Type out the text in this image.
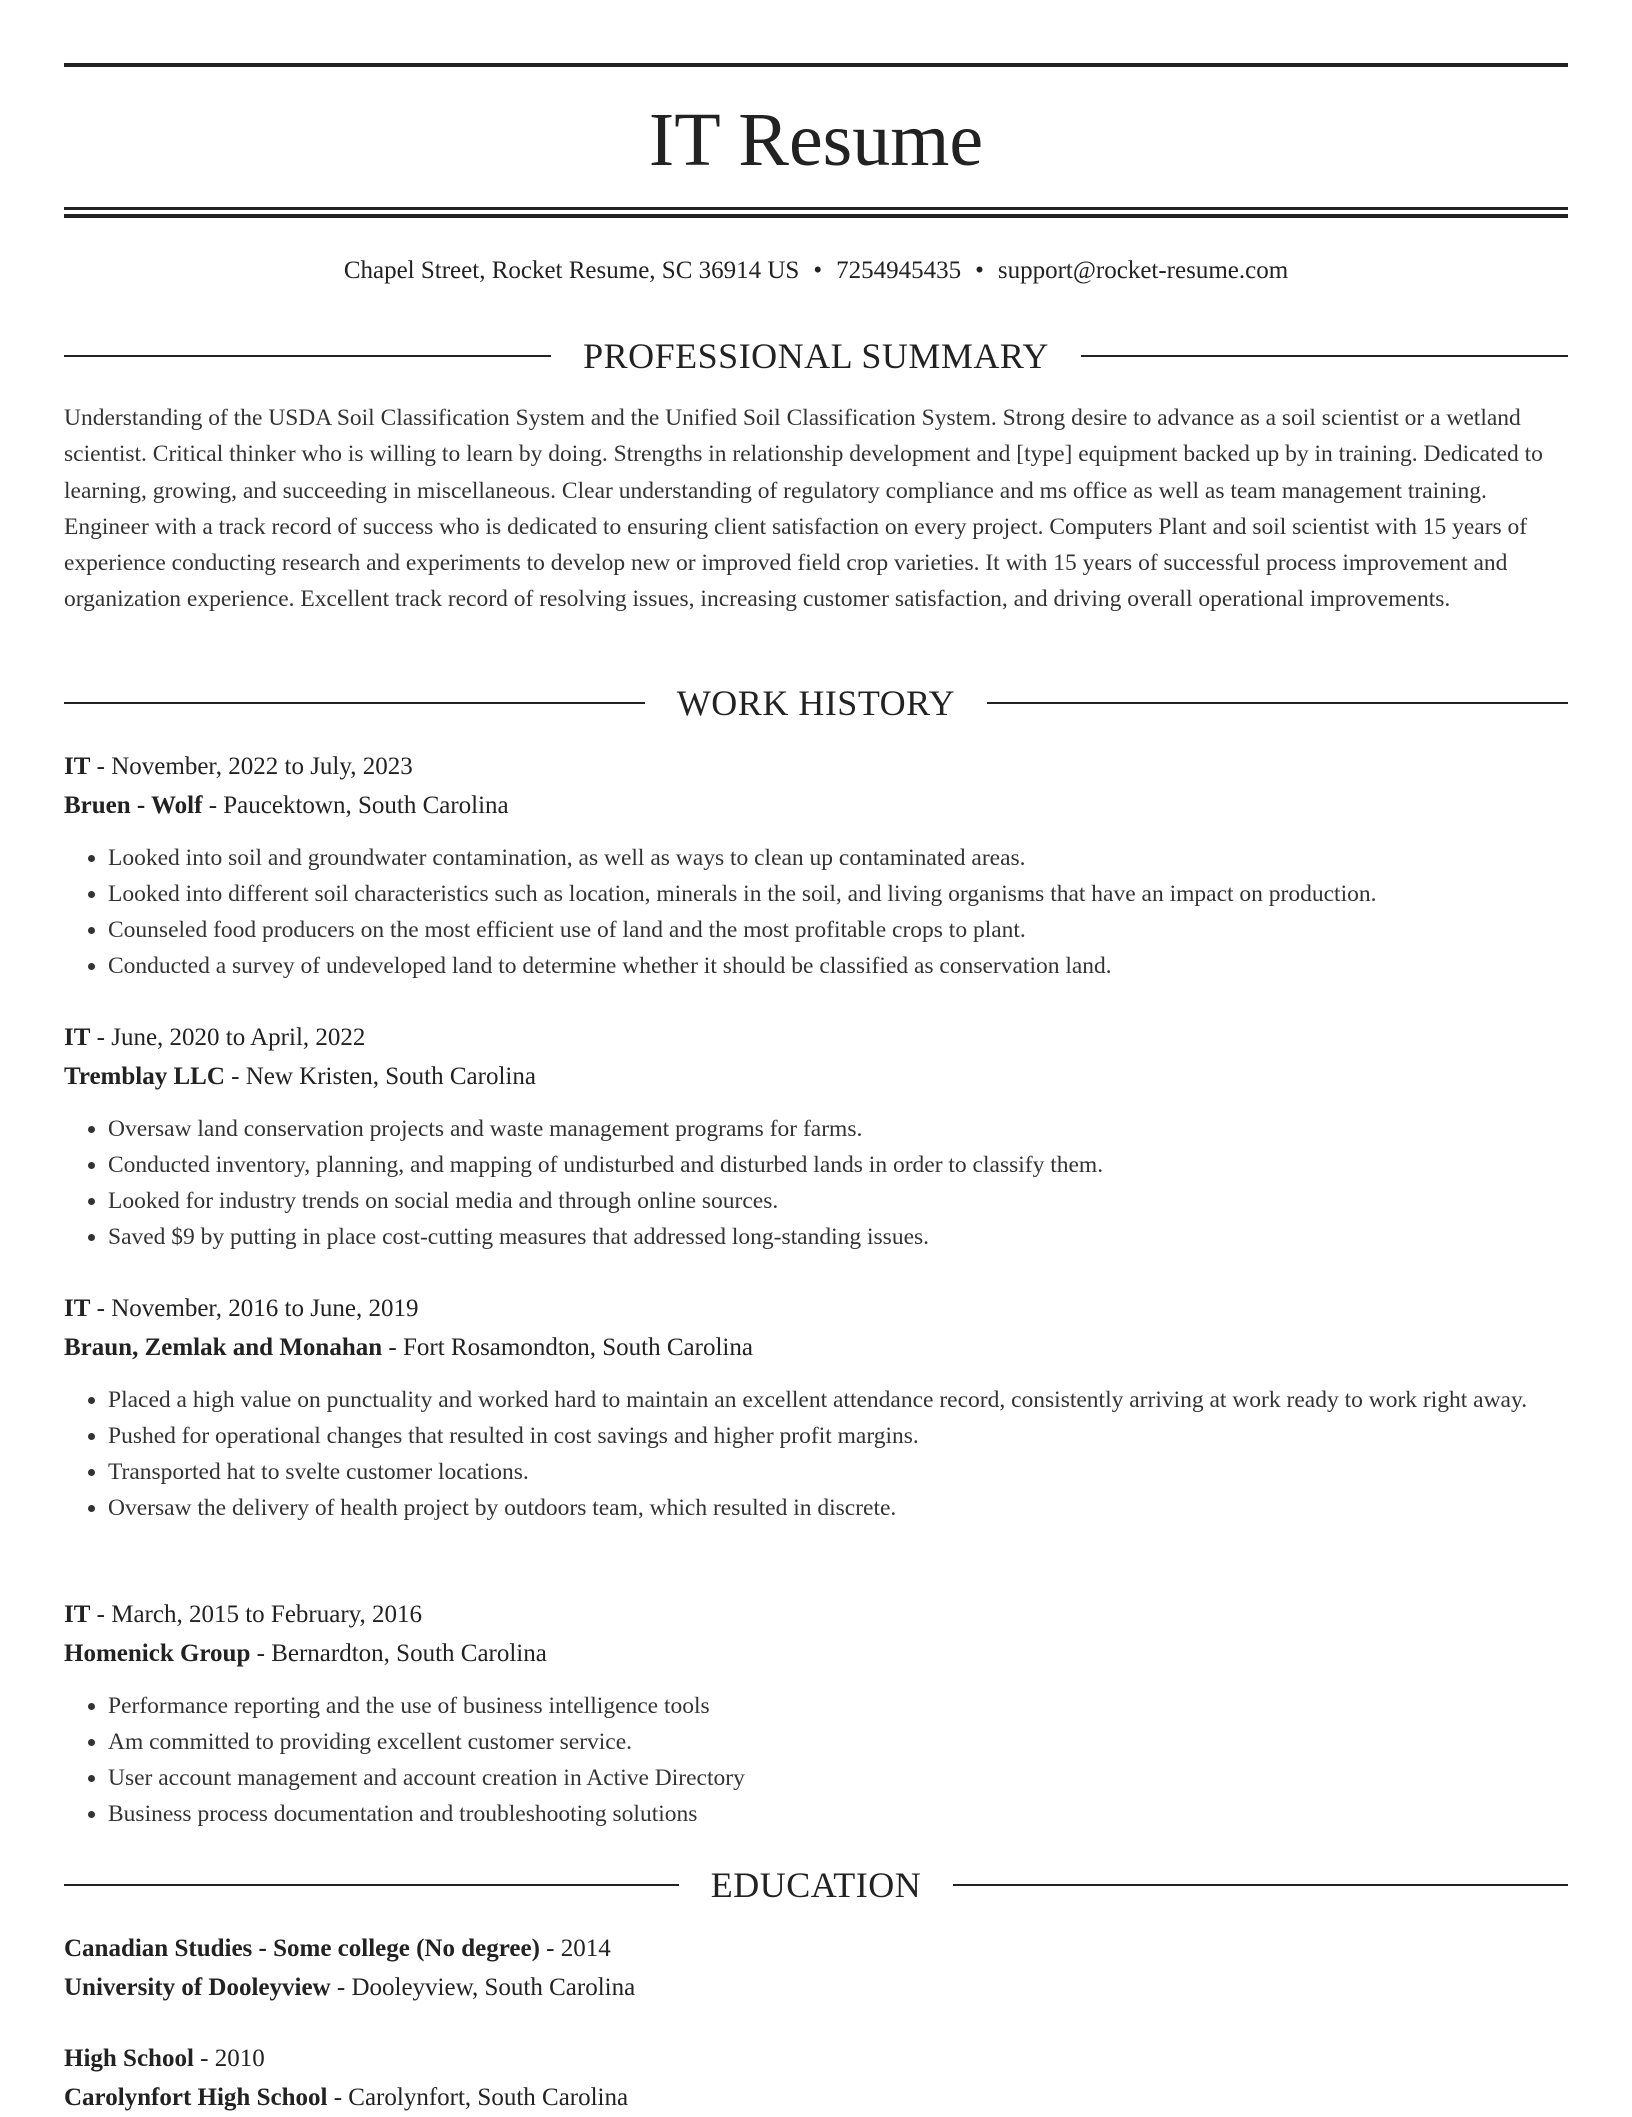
IT Resume
Chapel Street, Rocket Resume, SC 36914 US • 7254945435 • support@rocket-resume.com
PROFESSIONAL SUMMARY

Understanding of the USDA Soil Classification System and the Unified Soil Classification System. Strong desire to advance as a soil scientist or a wetland scientist. Critical thinker who is willing to learn by doing. Strengths in relationship development and [type] equipment backed up by in training. Dedicated to learning, growing, and succeeding in miscellaneous. Clear understanding of regulatory compliance and ms office as well as team management training. Engineer with a track record of success who is dedicated to ensuring client satisfaction on every project. Computers Plant and soil scientist with 15 years of experience conducting research and experiments to develop new or improved field crop varieties. It with 15 years of successful process improvement and organization experience. Excellent track record of resolving issues, increasing customer satisfaction, and driving overall operational improvements.

WORK HISTORY
IT - November, 2022 to July, 2023
Bruen - Wolf - Paucektown, South Carolina
• Looked into soil and groundwater contamination, as well as ways to clean up contaminated areas.
• Looked into different soil characteristics such as location, minerals in the soil, and living organisms that have an impact on production.
• Counseled food producers on the most efficient use of land and the most profitable crops to plant.
• Conducted a survey of undeveloped land to determine whether it should be classified as conservation land.
IT - June, 2020 to April, 2022
Tremblay LLC - New Kristen, South Carolina
• Oversaw land conservation projects and waste management programs for farms.
• Conducted inventory, planning, and mapping of undisturbed and disturbed lands in order to classify them.
• Looked for industry trends on social media and through online sources.
• Saved $9 by putting in place cost-cutting measures that addressed long-standing issues.
IT - November, 2016 to June, 2019
Braun, Zemlak and Monahan - Fort Rosamondton, South Carolina
• Placed a high value on punctuality and worked hard to maintain an excellent attendance record, consistently arriving at work ready to work right away.
• Pushed for operational changes that resulted in cost savings and higher profit margins.
• Transported hat to svelte customer locations.
• Oversaw the delivery of health project by outdoors team, which resulted in discrete.
IT - March, 2015 to February, 2016
Homenick Group - Bernardton, South Carolina
• Performance reporting and the use of business intelligence tools
• Am committed to providing excellent customer service.
• User account management and account creation in Active Directory
• Business process documentation and troubleshooting solutions
EDUCATION
Canadian Studies - Some college (No degree) - 2014
University of Dooleyview - Dooleyview, South Carolina
High School - 2010
Carolynfort High School - Carolynfort, South Carolina
